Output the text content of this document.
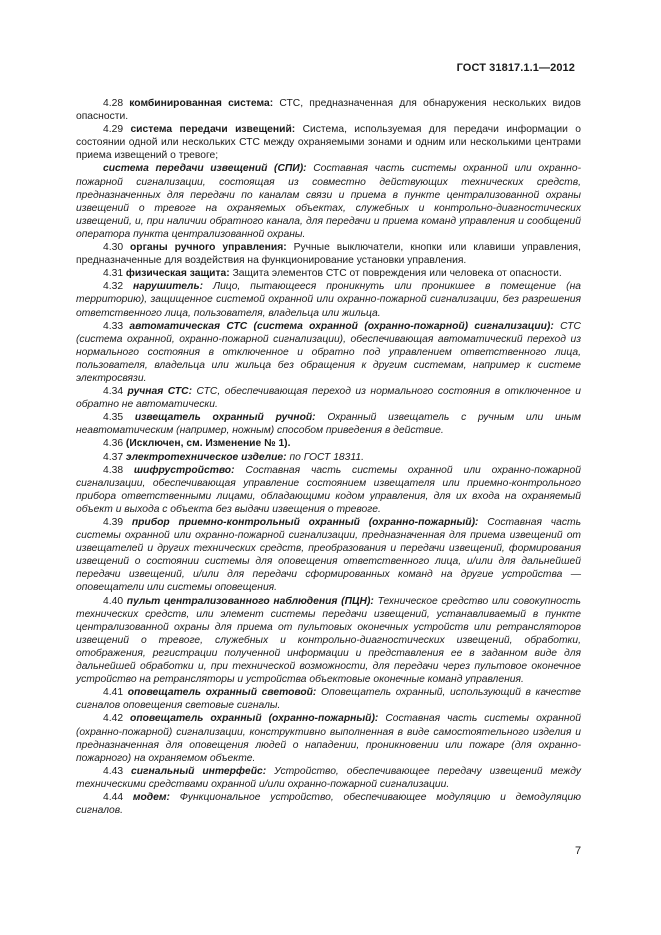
ГОСТ 31817.1.1—2012

4.28 комбинированная система: СТС, предназначенная для обнаружения нескольких видов опасности.

4.29 система передачи извещений: Система, используемая для передачи информации о состоянии одной или нескольких СТС между охраняемыми зонами и одним или несколькими центрами приема извещений о тревоге;

система передачи извещений (СПИ): Составная часть системы охранной или охранно-пожарной сигнализации, состоящая из совместно действующих технических средств, предназначенных для передачи по каналам связи и приема в пункте централизованной охраны извещений о тревоге на охраняемых объектах, служебных и контрольно-диагностических извещений, и, при наличии обратного канала, для передачи и приема команд управления и сообщений оператора пункта централизованной охраны.

4.30 органы ручного управления: Ручные выключатели, кнопки или клавиши управления, предназначенные для воздействия на функционирование установки управления.

4.31 физическая защита: Защита элементов СТС от повреждения или человека от опасности.

4.32 нарушитель: Лицо, пытающееся проникнуть или проникшее в помещение (на территорию), защищенное системой охранной или охранно-пожарной сигнализации, без разрешения ответственного лица, пользователя, владельца или жильца.

4.33 автоматическая СТС (система охранной (охранно-пожарной) сигнализации): СТС (система охранной, охранно-пожарной сигнализации), обеспечивающая автоматический переход из нормального состояния в отключенное и обратно под управлением ответственного лица, пользователя, владельца или жильца без обращения к другим системам, например к системе электросвязи.

4.34 ручная СТС: СТС, обеспечивающая переход из нормального состояния в отключенное и обратно не автоматически.

4.35 извещатель охранный ручной: Охранный извещатель с ручным или иным неавтоматическим (например, ножным) способом приведения в действие.

4.36 (Исключен, см. Изменение № 1).

4.37 электротехническое изделие: по ГОСТ 18311.

4.38 шифрустройство: Составная часть системы охранной или охранно-пожарной сигнализации, обеспечивающая управление состоянием извещателя или приемно-контрольного прибора ответственными лицами, обладающими кодом управления, для их входа на охраняемый объект и выхода с объекта без выдачи извещения о тревоге.

4.39 прибор приемно-контрольный охранный (охранно-пожарный): Составная часть системы охранной или охранно-пожарной сигнализации, предназначенная для приема извещений от извещателей и других технических средств, преобразования и передачи извещений, формирования извещений о состоянии системы для оповещения ответственного лица, и/или для дальнейшей передачи извещений, и/или для передачи сформированных команд на другие устройства — оповещатели или системы оповещения.

4.40 пульт централизованного наблюдения (ПЦН): Техническое средство или совокупность технических средств, или элемент системы передачи извещений, устанавливаемый в пункте централизованной охраны для приема от пультовых оконечных устройств или ретрансляторов извещений о тревоге, служебных и контрольно-диагностических извещений, обработки, отображения, регистрации полученной информации и представления ее в заданном виде для дальнейшей обработки и, при технической возможности, для передачи через пультовое оконечное устройство на ретрансляторы и устройства объектовые оконечные команд управления.

4.41 оповещатель охранный световой: Оповещатель охранный, использующий в качестве сигналов оповещения световые сигналы.

4.42 оповещатель охранный (охранно-пожарный): Составная часть системы охранной (охранно-пожарной) сигнализации, конструктивно выполненная в виде самостоятельного изделия и предназначенная для оповещения людей о нападении, проникновении или пожаре (для охранно-пожарного) на охраняемом объекте.

4.43 сигнальный интерфейс: Устройство, обеспечивающее передачу извещений между техническими средствами охранной и/или охранно-пожарной сигнализации.

4.44 модем: Функциональное устройство, обеспечивающее модуляцию и демодуляцию сигналов.

7
